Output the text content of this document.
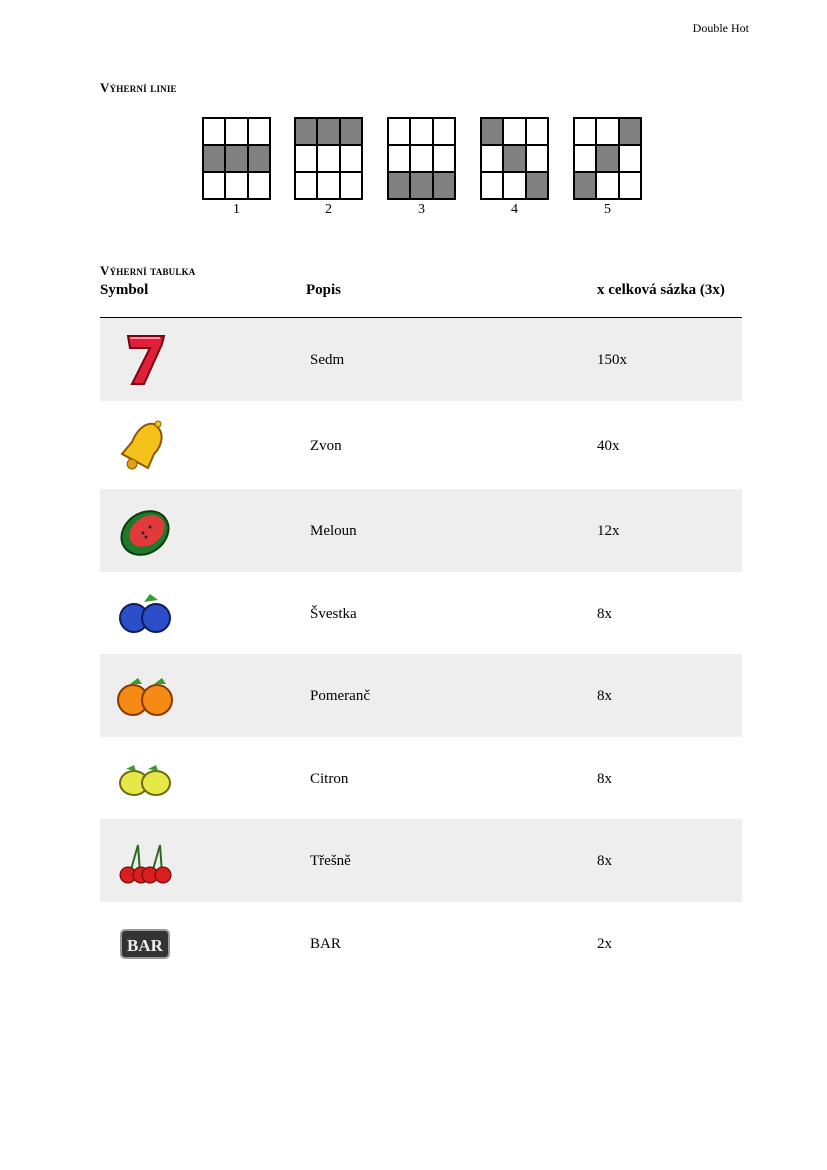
Double Hot
Výherní linie
1	2	3	4	5
Výherní tabulka
Symbol	Popis	x celková sázka (3x)
Sedm	150x
Zvon	40x
Meloun	12x
Švestka	8x
Pomeranč	8x
Citron	8x
Třešně	8x
BAR	BAR	2x
